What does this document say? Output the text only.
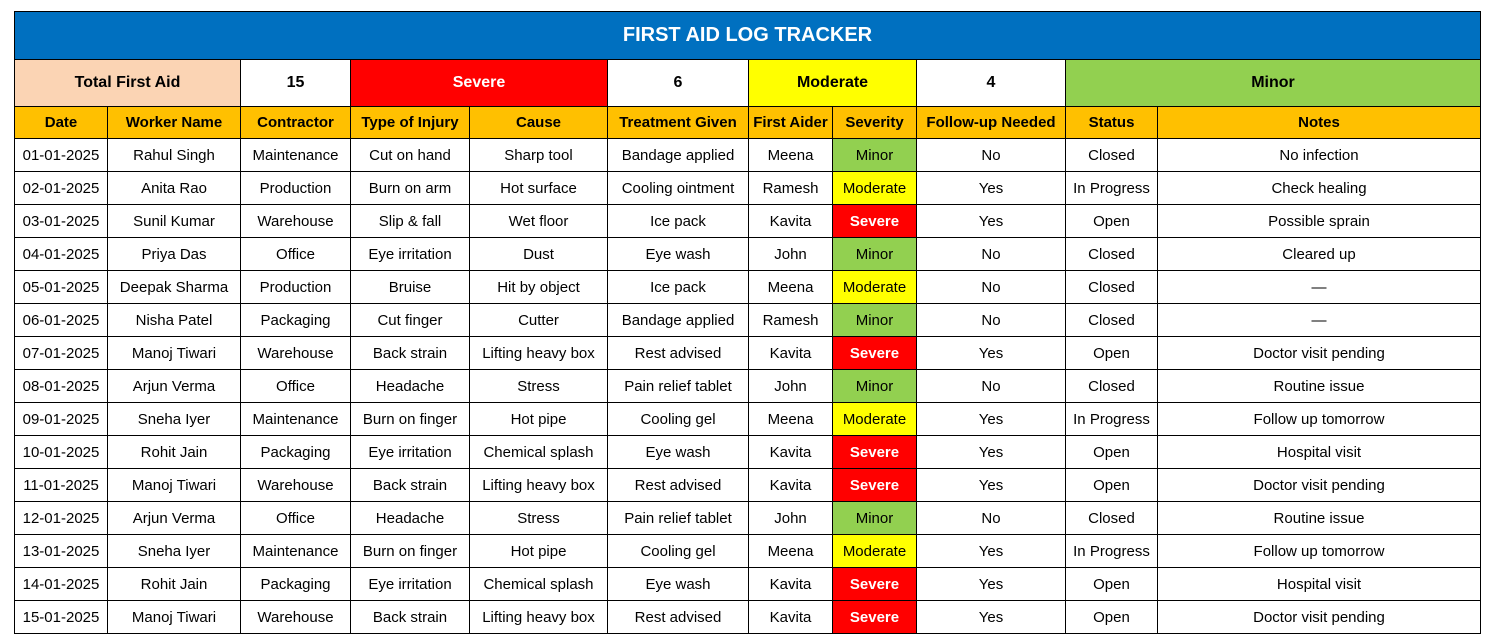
FIRST AID LOG TRACKER											
Total First Aid		15	Severe		6	Moderate		4	Minor	
Date	Worker Name	Contractor	Type of Injury	Cause	Treatment Given	First Aider	Severity	Follow-up Needed	Status	Notes	
01-01-2025	Rahul Singh	Maintenance	Cut on hand	Sharp tool	Bandage applied	Meena	Minor	No	Closed	No infection	
02-01-2025	Anita Rao	Production	Burn on arm	Hot surface	Cooling ointment	Ramesh	Moderate	Yes	In Progress	Check healing	
03-01-2025	Sunil Kumar	Warehouse	Slip & fall	Wet floor	Ice pack	Kavita	Severe	Yes	Open	Possible sprain	
04-01-2025	Priya Das	Office	Eye irritation	Dust	Eye wash	John	Minor	No	Closed	Cleared up	
05-01-2025	Deepak Sharma	Production	Bruise	Hit by object	Ice pack	Meena	Moderate	No	Closed	—	
06-01-2025	Nisha Patel	Packaging	Cut finger	Cutter	Bandage applied	Ramesh	Minor	No	Closed	—	
07-01-2025	Manoj Tiwari	Warehouse	Back strain	Lifting heavy box	Rest advised	Kavita	Severe	Yes	Open	Doctor visit pending	
08-01-2025	Arjun Verma	Office	Headache	Stress	Pain relief tablet	John	Minor	No	Closed	Routine issue	
09-01-2025	Sneha Iyer	Maintenance	Burn on finger	Hot pipe	Cooling gel	Meena	Moderate	Yes	In Progress	Follow up tomorrow	
10-01-2025	Rohit Jain	Packaging	Eye irritation	Chemical splash	Eye wash	Kavita	Severe	Yes	Open	Hospital visit	
11-01-2025	Manoj Tiwari	Warehouse	Back strain	Lifting heavy box	Rest advised	Kavita	Severe	Yes	Open	Doctor visit pending	
12-01-2025	Arjun Verma	Office	Headache	Stress	Pain relief tablet	John	Minor	No	Closed	Routine issue	
13-01-2025	Sneha Iyer	Maintenance	Burn on finger	Hot pipe	Cooling gel	Meena	Moderate	Yes	In Progress	Follow up tomorrow	
14-01-2025	Rohit Jain	Packaging	Eye irritation	Chemical splash	Eye wash	Kavita	Severe	Yes	Open	Hospital visit	
15-01-2025	Manoj Tiwari	Warehouse	Back strain	Lifting heavy box	Rest advised	Kavita	Severe	Yes	Open	Doctor visit pending	
